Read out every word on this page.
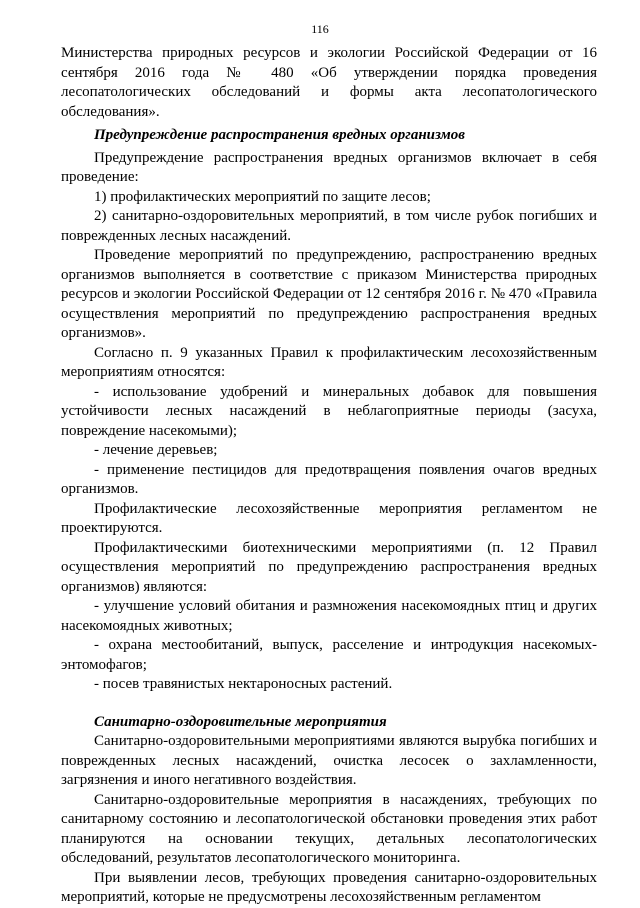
116

Министерства природных ресурсов и экологии Российской Федерации от 16 сентября 2016 года № 480 «Об утверждении порядка проведения лесопатологических обследований и формы акта лесопатологического обследования».

Предупреждение распространения вредных организмов

Предупреждение распространения вредных организмов включает в себя проведение:

1) профилактических мероприятий по защите лесов;

2) санитарно-оздоровительных мероприятий, в том числе рубок погибших и поврежденных лесных насаждений.

Проведение мероприятий по предупреждению, распространению вредных организмов выполняется в соответствие с приказом Министерства природных ресурсов и экологии Российской Федерации от 12 сентября 2016 г. № 470 «Правила осуществления мероприятий по предупреждению распространения вредных организмов».

Согласно п. 9 указанных Правил к профилактическим лесохозяйственным мероприятиям относятся:

- использование удобрений и минеральных добавок для повышения устойчивости лесных насаждений в неблагоприятные периоды (засуха, повреждение насекомыми);

- лечение деревьев;

- применение пестицидов для предотвращения появления очагов вредных организмов.

Профилактические лесохозяйственные мероприятия регламентом не проектируются.

Профилактическими биотехническими мероприятиями (п. 12 Правил осуществления мероприятий по предупреждению распространения вредных организмов) являются:

- улучшение условий обитания и размножения насекомоядных птиц и других насекомоядных животных;

- охрана местообитаний, выпуск, расселение и интродукция насекомых-энтомофагов;

- посев травянистых нектароносных растений.

Санитарно-оздоровительные мероприятия

Санитарно-оздоровительными мероприятиями являются вырубка погибших и поврежденных лесных насаждений, очистка лесосек о захламленности, загрязнения и иного негативного воздействия.

Санитарно-оздоровительные мероприятия в насаждениях, требующих по санитарному состоянию и лесопатологической обстановки проведения этих работ планируются на основании текущих, детальных лесопатологических обследований, результатов лесопатологического мониторинга.

При выявлении лесов, требующих проведения санитарно-оздоровительных мероприятий, которые не предусмотрены лесохозяйственным регламентом
